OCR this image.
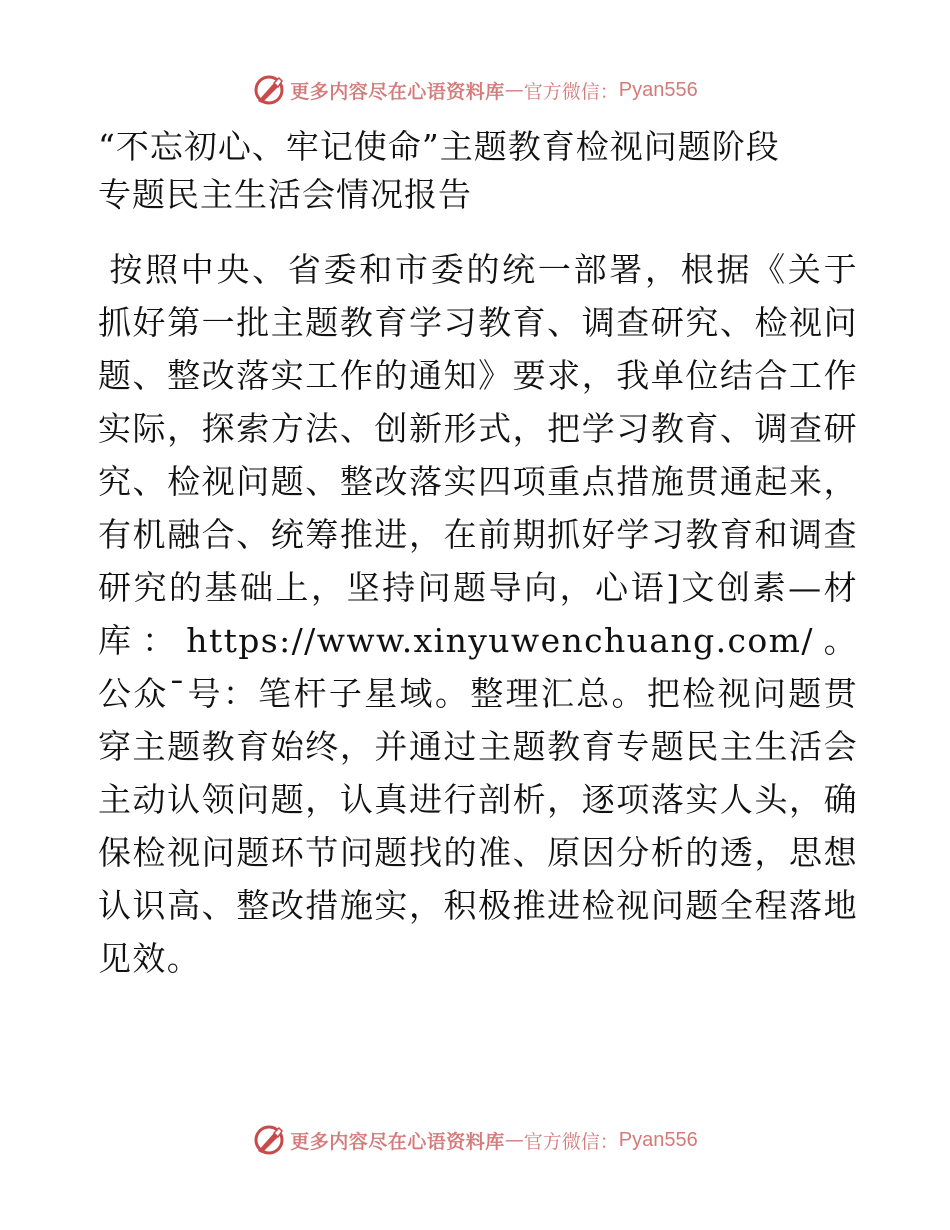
更多内容尽在心语资料库 — 官方微信： Pyan556
“不忘初心、牢记使命”主题教育检视问题阶段
专题民主生活会情况报告

按照中央、省委和市委的统一部署，根据《关于抓好第一批主题教育学习教育、调查研究、检视问题、整改落实工作的通知》要求，我单位结合工作实际，探索方法、创新形式，把学习教育、调查研究、检视问题、整改落实四项重点措施贯通起来，有机融合、统筹推进，在前期抓好学习教育和调查研究的基础上，坚持问题导向，心语]文创素—材库：https://www.xinyuwenchuang.com/。公众¯号：笔杆子星域。整理汇总。把检视问题贯穿主题教育始终，并通过主题教育专题民主生活会主动认领问题，认真进行剖析，逐项落实人头，确保检视问题环节问题找的准、原因分析的透，思想认识高、整改措施实，积极推进检视问题全程落地见效。

更多内容尽在心语资料库 — 官方微信： Pyan556
